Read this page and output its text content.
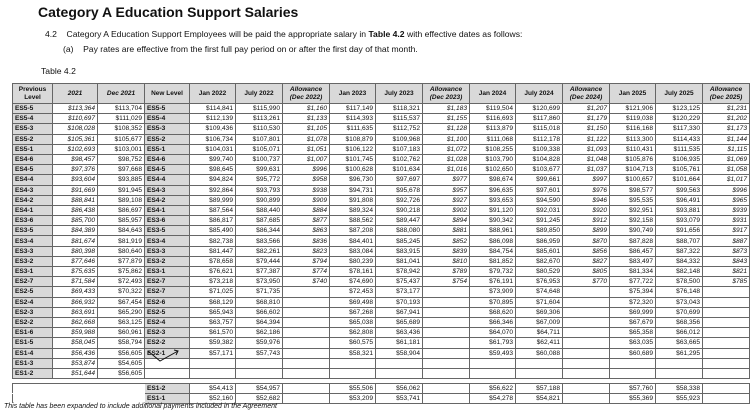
Category A Education Support Salaries
4.2 Category A Education Support Employees will be paid the appropriate salary in Table 4.2 with effective dates as follows:
(a) Pay rates are effective from the first full pay period on or after the first day of that month.
Table 4.2
Previous Level	2021	Dec 2021	New Level	Jan 2022	July 2022	Allowance (Dec 2022)	Jan 2023	July 2023	Allowance (Dec 2023)	Jan 2024	July 2024	Allowance (Dec 2024)	Jan 2025	July 2025	Allowance (Dec 2025)
ES5-5	$113,364	$113,704	ES5-5	$114,841	$115,990	$1,160	$117,149	$118,321	$1,183	$119,504	$120,699	$1,207	$121,906	$123,125	$1,231
ES5-4	$110,697	$111,029	ES5-4	$112,139	$113,261	$1,133	$114,393	$115,537	$1,155	$116,693	$117,860	$1,179	$119,038	$120,229	$1,202
ES5-3	$108,028	$108,352	ES5-3	$109,436	$110,530	$1,105	$111,635	$112,752	$1,128	$113,879	$115,018	$1,150	$116,168	$117,330	$1,173
ES5-2	$105,361	$105,677	ES5-2	$106,734	$107,801	$1,078	$108,879	$109,968	$1,100	$111,068	$112,178	$1,122	$113,300	$114,433	$1,144
ES5-1	$102,693	$103,001	ES5-1	$104,031	$105,071	$1,051	$106,122	$107,183	$1,072	$108,255	$109,338	$1,093	$110,431	$111,535	$1,115
ES4-6	$98,457	$98,752	ES4-6	$99,740	$100,737	$1,007	$101,745	$102,762	$1,028	$103,790	$104,828	$1,048	$105,876	$106,935	$1,069
ES4-5	$97,376	$97,668	ES4-5	$98,645	$99,631	$996	$100,628	$101,634	$1,016	$102,650	$103,677	$1,037	$104,713	$105,761	$1,058
ES4-4	$93,604	$93,885	ES4-4	$94,824	$95,772	$958	$96,730	$97,697	$977	$98,674	$99,661	$997	$100,657	$101,664	$1,017
ES4-3	$91,669	$91,945	ES4-3	$92,864	$93,793	$938	$94,731	$95,678	$957	$96,635	$97,601	$976	$98,577	$99,563	$996
ES4-2	$88,841	$89,108	ES4-2	$89,999	$90,899	$909	$91,808	$92,726	$927	$93,653	$94,590	$946	$95,535	$96,491	$965
ES4-1	$86,438	$86,697	ES4-1	$87,564	$88,440	$884	$89,324	$90,218	$902	$91,120	$92,031	$920	$92,951	$93,881	$939
ES3-6	$85,700	$85,957	ES3-6	$86,817	$87,685	$877	$88,562	$89,447	$894	$90,342	$91,245	$912	$92,158	$93,079	$931
ES3-5	$84,389	$84,643	ES3-5	$85,490	$86,344	$863	$87,208	$88,080	$881	$88,961	$89,850	$899	$90,749	$91,656	$917
ES3-4	$81,674	$81,919	ES3-4	$82,738	$83,566	$836	$84,401	$85,245	$852	$86,098	$86,959	$870	$87,828	$88,707	$887
ES3-3	$80,398	$80,640	ES3-3	$81,447	$82,261	$823	$83,084	$83,915	$839	$84,754	$85,601	$856	$86,457	$87,322	$873
ES3-2	$77,646	$77,879	ES3-2	$78,658	$79,444	$794	$80,239	$81,041	$810	$81,852	$82,670	$827	$83,497	$84,332	$843
ES3-1	$75,635	$75,862	ES3-1	$76,621	$77,387	$774	$78,161	$78,942	$789	$79,732	$80,529	$805	$81,334	$82,148	$821
ES2-7	$71,584	$72,493	ES2-7	$73,218	$73,950	$740	$74,690	$75,437	$754	$76,191	$76,953	$770	$77,722	$78,500	$785
ES2-5	$69,433	$70,322	ES2-7	$71,025	$71,735		$72,453	$73,177		$73,909	$74,648		$75,394	$76,148	
ES2-4	$66,932	$67,454	ES2-6	$68,129	$68,810		$69,498	$70,193		$70,895	$71,604		$72,320	$73,043	
ES2-3	$63,691	$65,290	ES2-5	$65,943	$66,602		$67,268	$67,941		$68,620	$69,306		$69,999	$70,699	
ES2-2	$62,668	$63,125	ES2-4	$63,757	$64,394		$65,038	$65,689		$66,346	$67,009		$67,679	$68,356	
ES1-6	$59,988	$60,961	ES2-3	$61,570	$62,186		$62,808	$63,436		$64,070	$64,711		$65,358	$66,012	
ES1-5	$58,045	$58,794	ES2-2	$59,382	$59,976		$60,575	$61,181		$61,793	$62,411		$63,035	$63,665	
ES1-4	$56,436	$56,605	ES2-1	$57,171	$57,743		$58,321	$58,904		$59,493	$60,088		$60,689	$61,295	
ES1-3	$53,874	$54,605													
ES1-2	$51,644	$56,605													

			ES1-2	$54,413	$54,957		$55,506	$56,062		$56,622	$57,188		$57,760	$58,338	
			ES1-1	$52,160	$52,682		$53,209	$53,741		$54,278	$54,821		$55,369	$55,923	
This table has been expanded to include additional payments included in the Agreement
